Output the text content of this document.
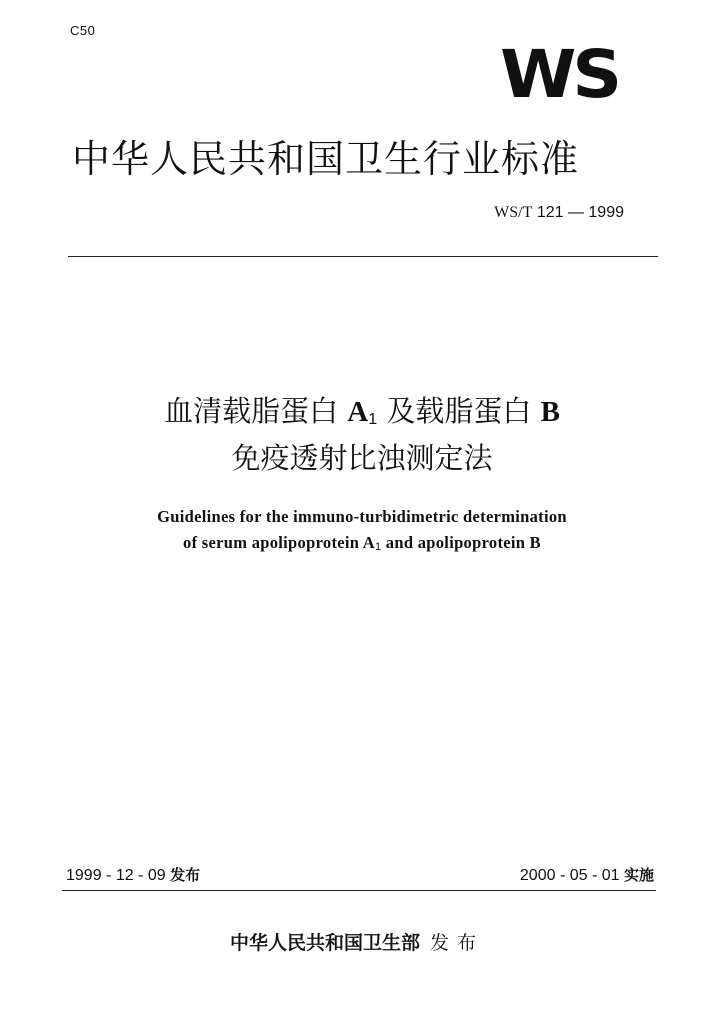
C50
WS
中华人民共和国卫生行业标准
WS/T 121 — 1999
血清载脂蛋白 $A_1$ 及载脂蛋白 B
免疫透射比浊测定法
Guidelines for the immuno-turbidimetric determination
of serum apolipoprotein $A_1$ and apolipoprotein B
1999 - 12 - 09 发布	2000 - 05 - 01 实施
中华人民共和国卫生部 发布
